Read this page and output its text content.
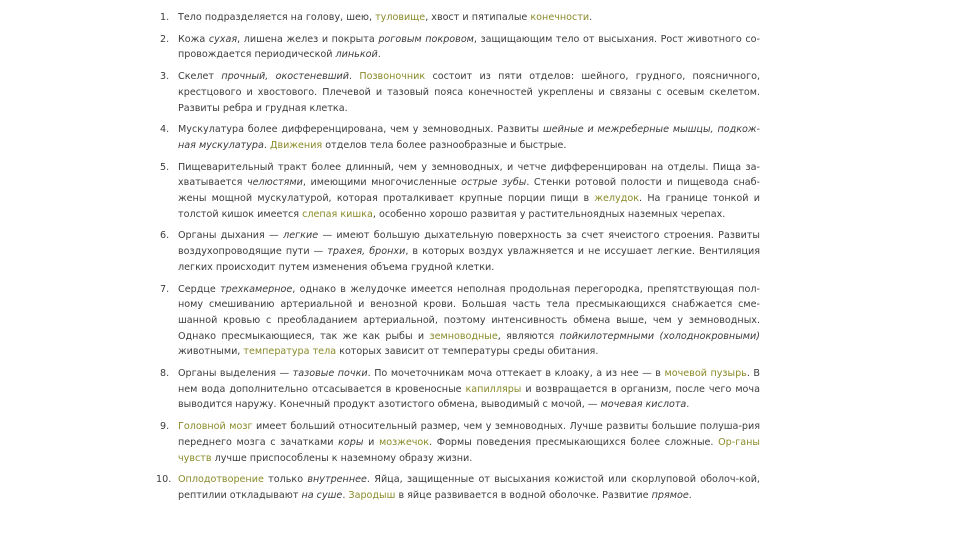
1. Тело подразделяется на голову, шею, туловище, хвост и пятипалые конечности.
2. Кожа сухая, лишена желез и покрыта роговым покровом, защищающим тело от высыхания. Рост животного со-провождается периодической линькой.
3. Скелет прочный, окостеневший. Позвоночник состоит из пяти отделов: шейного, грудного, поясничного, крестцового и хвостового. Плечевой и тазовый пояса конечностей укреплены и связаны с осевым скелетом. Развиты ребра и грудная клетка.
4. Мускулатура более дифференцирована, чем у земноводных. Развиты шейные и межреберные мышцы, подкож-ная мускулатура. Движения отделов тела более разнообразные и быстрые.
5. Пищеварительный тракт более длинный, чем у земноводных, и четче дифференцирован на отделы. Пища за-хватывается челюстями, имеющими многочисленные острые зубы. Стенки ротовой полости и пищевода снаб-жены мощной мускулатурой, которая проталкивает крупные порции пищи в желудок. На границе тонкой и толстой кишок имеется слепая кишка, особенно хорошо развитая у растительноядных наземных черепах.
6. Органы дыхания — легкие — имеют большую дыхательную поверхность за счет ячеистого строения. Развиты воздухопроводящие пути — трахея, бронхи, в которых воздух увлажняется и не иссушает легкие. Вентиляция легких происходит путем изменения объема грудной клетки.
7. Сердце трехкамерное, однако в желудочке имеется неполная продольная перегородка, препятствующая пол-ному смешиванию артериальной и венозной крови. Большая часть тела пресмыкающихся снабжается сме-шанной кровью с преобладанием артериальной, поэтому интенсивность обмена выше, чем у земноводных. Однако пресмыкающиеся, так же как рыбы и земноводные, являются пойкилотермными (холоднокровными) животными, температура тела которых зависит от температуры среды обитания.
8. Органы выделения — тазовые почки. По мочеточникам моча оттекает в клоаку, а из нее — в мочевой пузырь. В нем вода дополнительно отсасывается в кровеносные капилляры и возвращается в организм, после чего моча выводится наружу. Конечный продукт азотистого обмена, выводимый с мочой, — мочевая кислота.
9. Головной мозг имеет больший относительный размер, чем у земноводных. Лучше развиты большие полуша-рия переднего мозга с зачатками коры и мозжечок. Формы поведения пресмыкающихся более сложные. Ор-ганы чувств лучше приспособлены к наземному образу жизни.
10. Оплодотворение только внутреннее. Яйца, защищенные от высыхания кожистой или скорлуповой оболоч-кой, рептилии откладывают на суше. Зародыш в яйце развивается в водной оболочке. Развитие прямое.
